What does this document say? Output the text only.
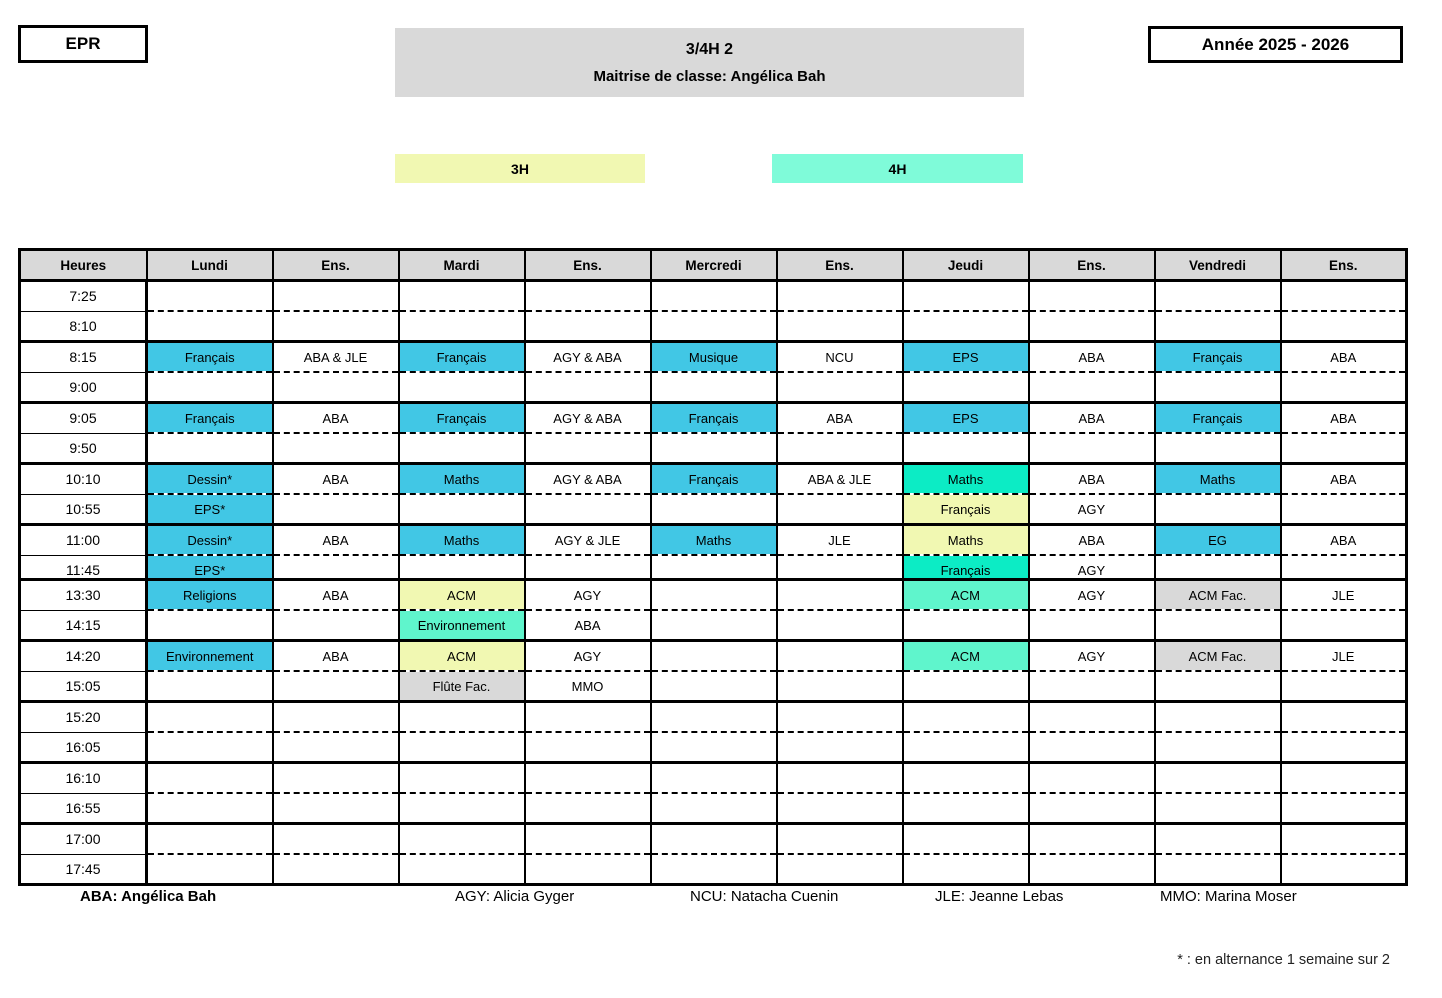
EPR	3/4H 2
Maitrise de classe: Angélica Bah
Année 2025 - 2026
3H	4H
Heures	Lundi	Ens.	Mardi	Ens.	Mercredi	Ens.	Jeudi	Ens.	Vendredi	Ens.
7:25										
8:10										
8:15	Français	ABA & JLE	Français	AGY & ABA	Musique	NCU	EPS	ABA	Français	ABA
9:00										
9:05	Français	ABA	Français	AGY & ABA	Français	ABA	EPS	ABA	Français	ABA
9:50										
10:10	Dessin*	ABA	Maths	AGY & ABA	Français	ABA & JLE	Maths	ABA	Maths	ABA
10:55	EPS*						Français	AGY		
11:00	Dessin*	ABA	Maths	AGY & JLE	Maths	JLE	Maths	ABA	EG	ABA
11:45	EPS*						Français	AGY		
13:30	Religions	ABA	ACM	AGY			ACM	AGY	ACM Fac.	JLE
14:15			Environnement	ABA						
14:20	Environnement	ABA	ACM	AGY			ACM	AGY	ACM Fac.	JLE
15:05			Flûte Fac.	MMO						
15:20										
16:05										
16:10										
16:55										
17:00										
17:45										
ABA: Angélica Bah	AGY: Alicia Gyger	NCU: Natacha Cuenin	JLE: Jeanne Lebas	MMO: Marina Moser
* : en alternance 1 semaine sur 2
